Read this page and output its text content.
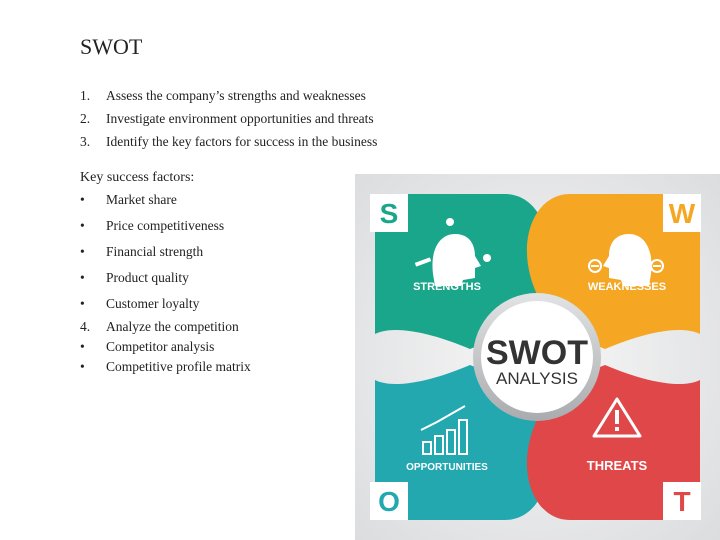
SWOT
1.	Assess the company’s strengths and weaknesses
2.	Investigate environment opportunities and threats
3.	Identify the key factors for success in the business
Key success factors:
•	Market share
•	Price competitiveness
•	Financial strength
•	Product quality
•	Customer loyalty
4.	Analyze the competition
•	Competitor analysis
•	Competitive profile matrix
S	W
O	T
STRENGTHS	WEAKNESSES
OPPORTUNITIES	THREATS
SWOT
ANALYSIS
